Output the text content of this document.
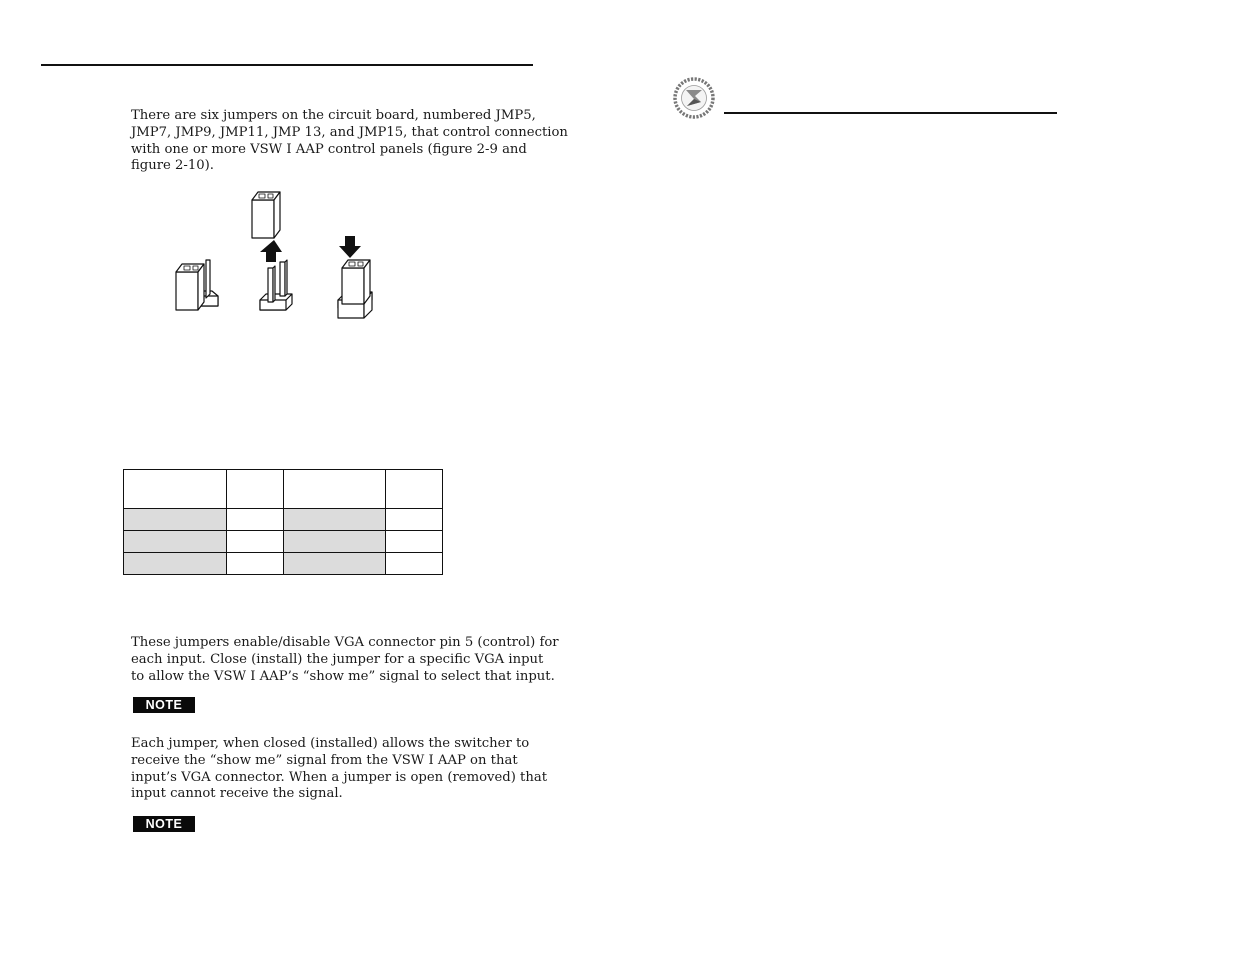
There are six jumpers on the circuit board, numbered JMP5,
JMP7, JMP9, JMP11, JMP 13, and JMP15, that control connection
with one or more VSW I AAP control panels (figure 2-9 and
figure 2-10).

These jumpers enable/disable VGA connector pin 5 (control) for
each input. Close (install) the jumper for a specific VGA input
to allow the VSW I AAP’s “show me” signal to select that input.

NOTE

Each jumper, when closed (installed) allows the switcher to
receive the “show me” signal from the VSW I AAP on that
input’s VGA connector. When a jumper is open (removed) that
input cannot receive the signal.

NOTE
